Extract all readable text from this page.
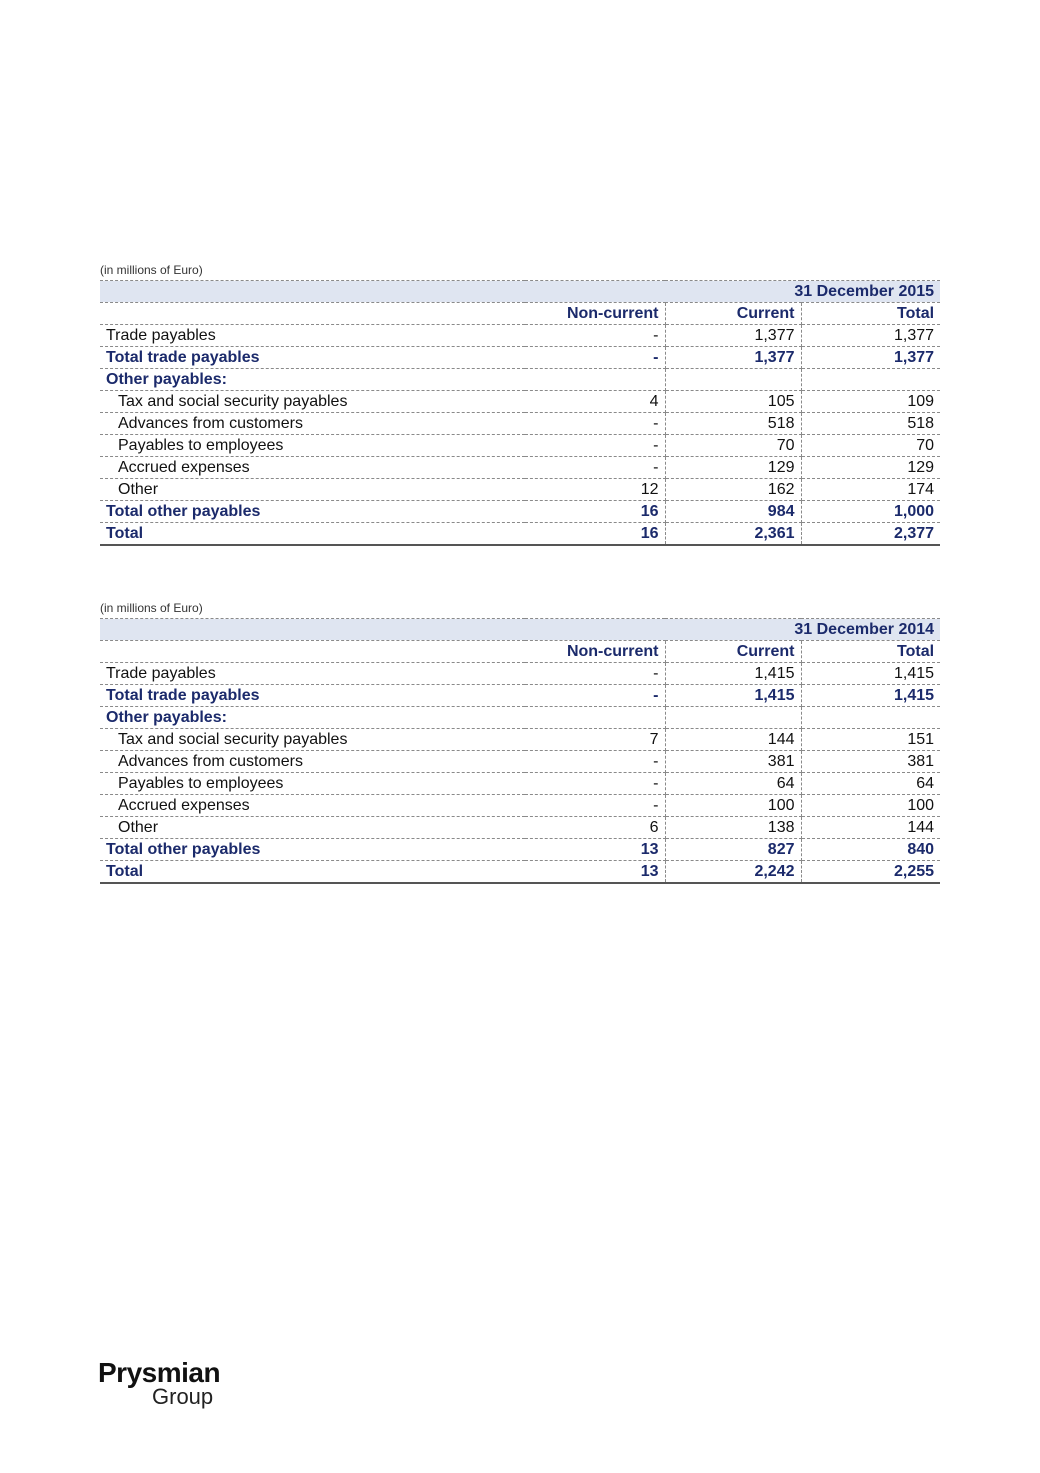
(in millions of Euro)
31 December 2015			
	Non-current	Current	Total
Trade payables	-	1,377	1,377
Total trade payables	-	1,377	1,377
Other payables:			
Tax and social security payables	4	105	109
Advances from customers	-	518	518
Payables to employees	-	70	70
Accrued expenses	-	129	129
Other	12	162	174
Total other payables	16	984	1,000
Total	16	2,361	2,377
(in millions of Euro)
31 December 2014			
	Non-current	Current	Total
Trade payables	-	1,415	1,415
Total trade payables	-	1,415	1,415
Other payables:			
Tax and social security payables	7	144	151
Advances from customers	-	381	381
Payables to employees	-	64	64
Accrued expenses	-	100	100
Other	6	138	144
Total other payables	13	827	840
Total	13	2,242	2,255
Prysmian
Group
